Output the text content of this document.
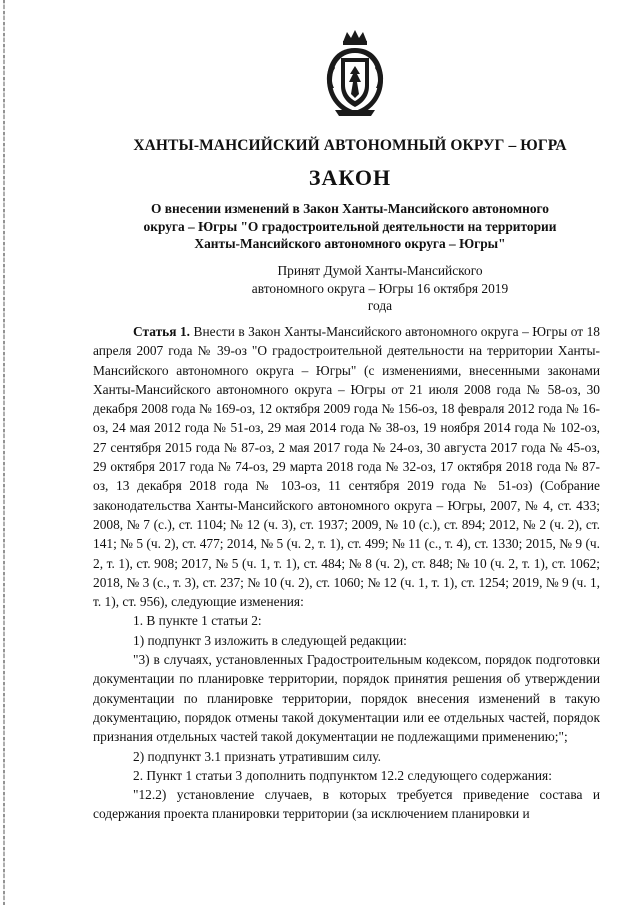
ХАНТЫ-МАНСИЙСКИЙ АВТОНОМНЫЙ ОКРУГ – ЮГРА
ЗАКОН
О внесении изменений в Закон Ханты-Мансийского автономного
округа – Югры "О градостроительной деятельности на территории
Ханты-Мансийского автономного округа – Югры"
Принят Думой Ханты-Мансийского
автономного округа – Югры 16 октября 2019 года

Статья 1. Внести в Закон Ханты-Мансийского автономного округа – Югры от 18 апреля 2007 года № 39-оз "О градостроительной деятельности на территории Ханты-Мансийского автономного округа – Югры" (с изменениями, внесенными законами Ханты-Мансийского автономного округа – Югры от 21 июля 2008 года № 58-оз, 30 декабря 2008 года № 169-оз, 12 октября 2009 года № 156-оз, 18 февраля 2012 года № 16-оз, 24 мая 2012 года № 51-оз, 29 мая 2014 года № 38-оз, 19 ноября 2014 года № 102-оз, 27 сентября 2015 года № 87-оз, 2 мая 2017 года № 24-оз, 30 августа 2017 года № 45-оз, 29 октября 2017 года № 74-оз, 29 марта 2018 года № 32-оз, 17 октября 2018 года № 87-оз, 13 декабря 2018 года № 103-оз, 11 сентября 2019 года № 51-оз) (Собрание законодательства Ханты-Мансийского автономного округа – Югры, 2007, № 4, ст. 433; 2008, № 7 (с.), ст. 1104; № 12 (ч. 3), ст. 1937; 2009, № 10 (с.), ст. 894; 2012, № 2 (ч. 2), ст. 141; № 5 (ч. 2), ст. 477; 2014, № 5 (ч. 2, т. 1), ст. 499; № 11 (с., т. 4), ст. 1330; 2015, № 9 (ч. 2, т. 1), ст. 908; 2017, № 5 (ч. 1, т. 1), ст. 484; № 8 (ч. 2), ст. 848; № 10 (ч. 2, т. 1), ст. 1062; 2018, № 3 (с., т. 3), ст. 237; № 10 (ч. 2), ст. 1060; № 12 (ч. 1, т. 1), ст. 1254; 2019, № 9 (ч. 1, т. 1), ст. 956), следующие изменения:

1. В пункте 1 статьи 2:

1) подпункт 3 изложить в следующей редакции:

"3) в случаях, установленных Градостроительным кодексом, порядок подготовки документации по планировке территории, порядок принятия решения об утверждении документации по планировке территории, порядок внесения изменений в такую документацию, порядок отмены такой документации или ее отдельных частей, порядок признания отдельных частей такой документации не подлежащими применению;";

2) подпункт 3.1 признать утратившим силу.

2. Пункт 1 статьи 3 дополнить подпунктом 12.2 следующего содержания:

"12.2) установление случаев, в которых требуется приведение состава и содержания проекта планировки территории (за исключением планировки и
